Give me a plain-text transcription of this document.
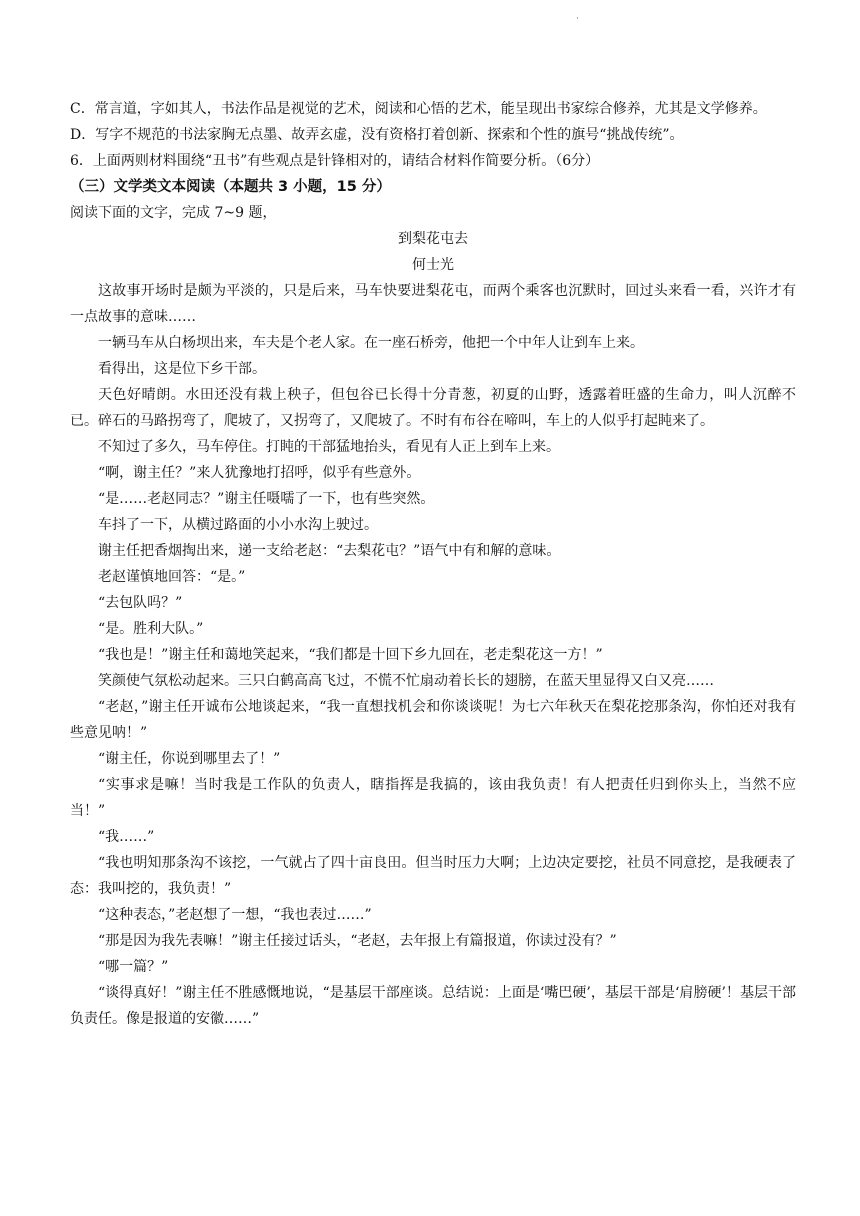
·

C．常言道，字如其人，书法作品是视觉的艺术，阅读和心悟的艺术，能呈现出书家综合修养，尤其是文学修养。

D．写字不规范的书法家胸无点墨、故弄玄虚，没有资格打着创新、探索和个性的旗号“挑战传统”。

6．上面两则材料围绕“丑书”有些观点是针锋相对的，请结合材料作简要分析。（6分）

（三）文学类文本阅读（本题共 3 小题，15 分）

阅读下面的文字，完成 7~9 题，

到梨花屯去

何士光

这故事开场时是颇为平淡的，只是后来，马车快要进梨花屯，而两个乘客也沉默时，回过头来看一看，兴许才有一点故事的意味……

一辆马车从白杨坝出来，车夫是个老人家。在一座石桥旁，他把一个中年人让到车上来。

看得出，这是位下乡干部。

天色好晴朗。水田还没有栽上秧子，但包谷已长得十分青葱，初夏的山野，透露着旺盛的生命力，叫人沉醉不已。碎石的马路拐弯了，爬坡了，又拐弯了，又爬坡了。不时有布谷在啼叫，车上的人似乎打起盹来了。

不知过了多久，马车停住。打盹的干部猛地抬头，看见有人正上到车上来。

“啊，谢主任？”来人犹豫地打招呼，似乎有些意外。

“是……老赵同志？”谢主任嗫嚅了一下，也有些突然。

车抖了一下，从横过路面的小小水沟上驶过。

谢主任把香烟掏出来，递一支给老赵：“去梨花屯？”语气中有和解的意味。

老赵谨慎地回答：“是。”

“去包队吗？”

“是。胜利大队。”

“我也是！”谢主任和蔼地笑起来，“我们都是十回下乡九回在，老走梨花这一方！”

笑颜使气氛松动起来。三只白鹤高高飞过，不慌不忙扇动着长长的翅膀，在蓝天里显得又白又亮……

“老赵，”谢主任开诚布公地谈起来，“我一直想找机会和你谈谈呢！为七六年秋天在梨花挖那条沟，你怕还对我有些意见呐！”

“谢主任，你说到哪里去了！”

“实事求是嘛！当时我是工作队的负责人，瞎指挥是我搞的，该由我负责！有人把责任归到你头上，当然不应当！”

“我……”

“我也明知那条沟不该挖，一气就占了四十亩良田。但当时压力大啊；上边决定要挖，社员不同意挖，是我硬表了态：我叫挖的，我负责！”

“这种表态，”老赵想了一想，“我也表过……”

“那是因为我先表嘛！”谢主任接过话头，“老赵，去年报上有篇报道，你读过没有？”

“哪一篇？”

“谈得真好！”谢主任不胜感慨地说，“是基层干部座谈。总结说：上面是‘嘴巴硬’，基层干部是‘肩膀硬’！基层干部负责任。像是报道的安徽……”
